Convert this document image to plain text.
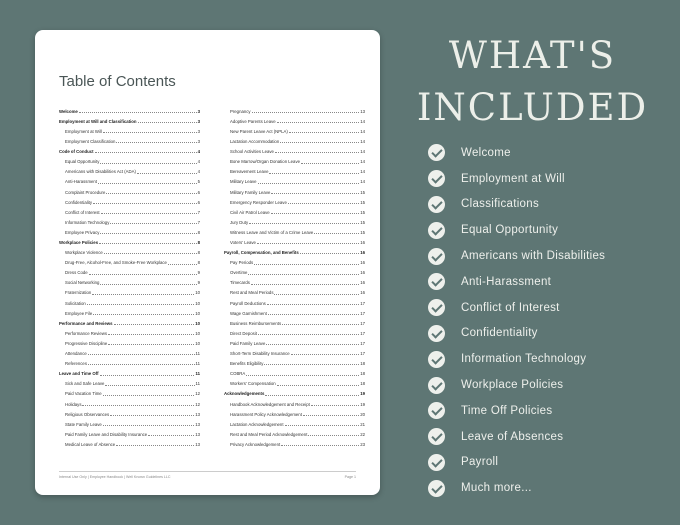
Table of Contents
Welcome	3
Employment at Will and Classification	3
Employment at Will	3
Employment Classification	3
Code of Conduct	4
Equal Opportunity	4
Americans with Disabilities Act (ADA)	4
Anti-Harassment	5
Complaint Procedure	6
Confidentiality	6
Conflict of Interest	7
Information Technology	7
Employee Privacy	8
Workplace Policies	8
Workplace Violence	8
Drug-Free, Alcohol-Free, and Smoke-Free Workplace	8
Dress Code	9
Social Networking	9
Fraternization	10
Solicitation	10
Employee File	10
Performance and Reviews	10
Performance Reviews	10
Progressive Discipline	10
Attendance	11
References	11
Leave and Time Off	11
Sick and Safe Leave	11
Paid Vacation Time	12
Holidays	12
Religious Observances	13
State Family Leave	13
Paid Family Leave and Disability Insurance	13
Medical Leave of Absence	13
Pregnancy	13
Adoptive Parents Leave	14
New Parent Leave Act (NPLA)	14
Lactation Accommodation	14
School Activities Leave	14
Bone Marrow/Organ Donation Leave	14
Bereavement Leave	14
Military Leave	14
Military Family Leave	15
Emergency Responder Leave	15
Civil Air Patrol Leave	15
Jury Duty	15
Witness Leave and Victim of a Crime Leave	15
Voters' Leave	16
Payroll, Compensation, and Benefits	16
Pay Periods	16
Overtime	16
Timecards	16
Rest and Meal Periods	16
Payroll Deductions	17
Wage Garnishment	17
Business Reimbursements	17
Direct Deposit	17
Paid Family Leave	17
Short-Term Disability Insurance	17
Benefits Eligibility	18
COBRA	18
Workers' Compensation	18
Acknowledgements	19
Handbook Acknowledgement and Receipt	19
Harassment Policy Acknowledgement	20
Lactation Acknowledgement	21
Rest and Meal Period Acknowledgement	22
Privacy Acknowledgement	23
Internal Use Only | Employee Handbook | Well Known Guidelines LLC	Page 1
WHAT'S
INCLUDED
Welcome
Employment at Will
Classifications
Equal Opportunity
Americans with Disabilities
Anti-Harassment
Conflict of Interest
Confidentiality
Information Technology
Workplace Policies
Time Off Policies
Leave of Absences
Payroll
Much more...
